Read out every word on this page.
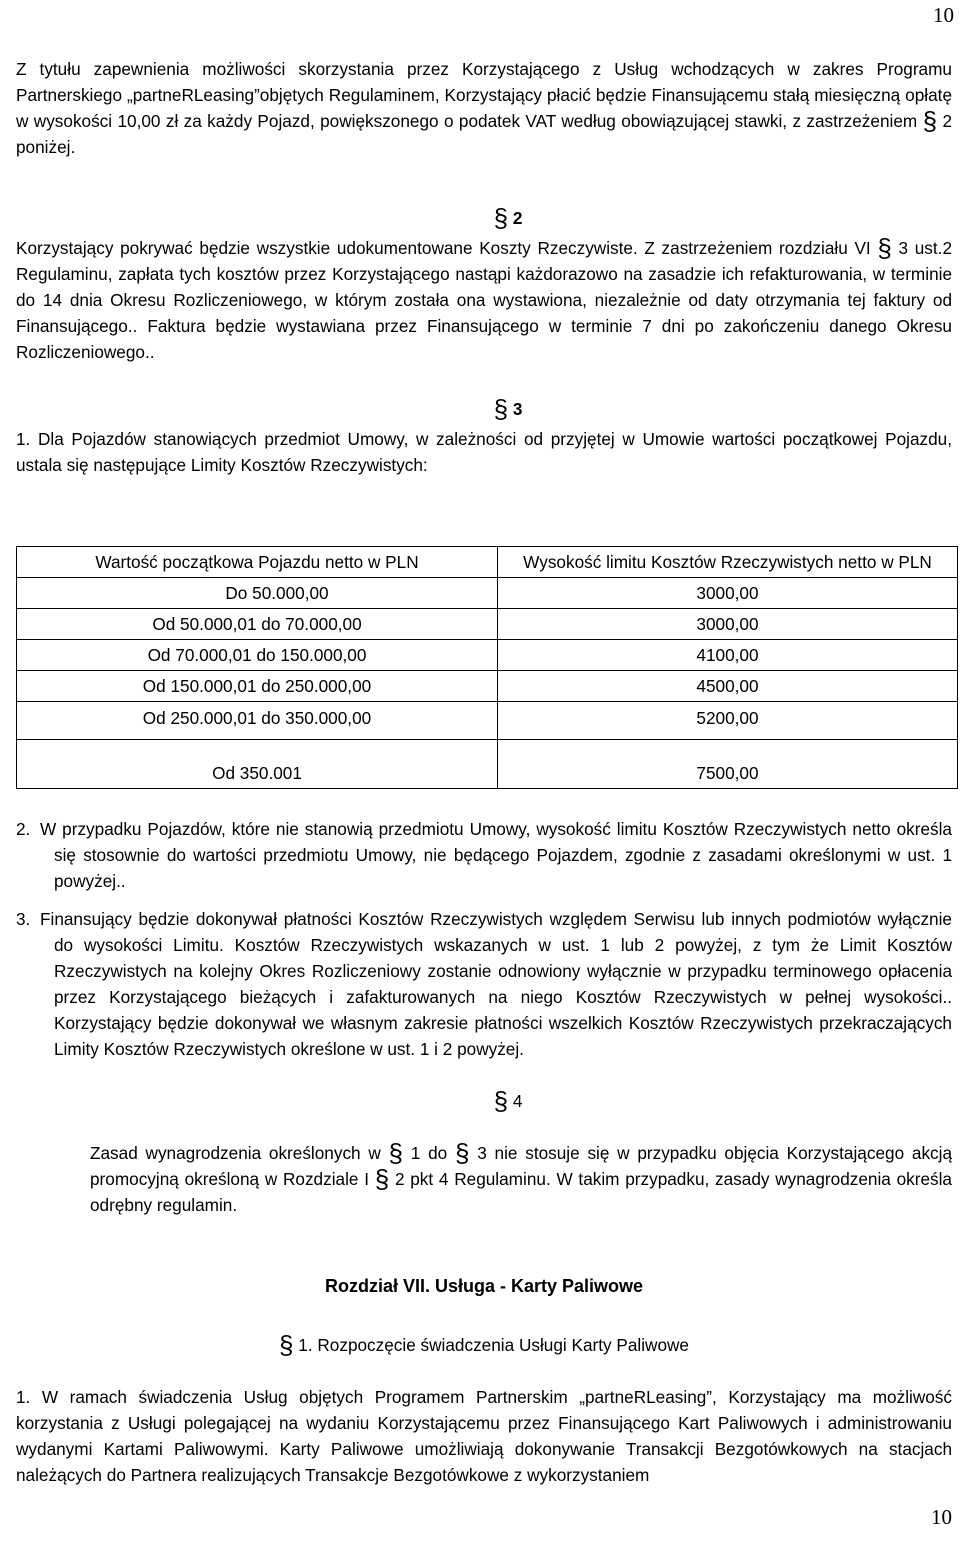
10
Z tytułu zapewnienia możliwości skorzystania przez Korzystającego z Usług wchodzących w zakres Programu Partnerskiego „partneRLeasing”objętych Regulaminem, Korzystający płacić będzie Finansującemu stałą miesięczną opłatę w wysokości 10,00 zł za każdy Pojazd, powiększonego o podatek VAT według obowiązującej stawki, z zastrzeżeniem § 2 poniżej.
§ 2
Korzystający pokrywać będzie wszystkie udokumentowane Koszty Rzeczywiste. Z zastrzeżeniem rozdziału VI § 3 ust.2 Regulaminu, zapłata tych kosztów przez Korzystającego nastąpi każdorazowo na zasadzie ich refakturowania, w terminie do 14 dnia Okresu Rozliczeniowego, w którym została ona wystawiona, niezależnie od daty otrzymania tej faktury od Finansującego.. Faktura będzie wystawiana przez Finansującego w terminie 7 dni po zakończeniu danego Okresu Rozliczeniowego..
§ 3
1. Dla Pojazdów stanowiących przedmiot Umowy, w zależności od przyjętej w Umowie wartości początkowej Pojazdu, ustala się następujące Limity Kosztów Rzeczywistych:
Wartość początkowa Pojazdu netto w PLN	Wysokość limitu Kosztów Rzeczywistych netto w PLN
Do 50.000,00	3000,00
Od 50.000,01 do 70.000,00	3000,00
Od 70.000,01 do 150.000,00	4100,00
Od 150.000,01 do 250.000,00	4500,00
Od 250.000,01 do 350.000,00	5200,00
Od 350.001	7500,00
2. W przypadku Pojazdów, które nie stanowią przedmiotu Umowy, wysokość limitu Kosztów Rzeczywistych netto określa się stosownie do wartości przedmiotu Umowy, nie będącego Pojazdem, zgodnie z zasadami określonymi w ust. 1 powyżej..
3. Finansujący będzie dokonywał płatności Kosztów Rzeczywistych względem Serwisu lub innych podmiotów wyłącznie do wysokości Limitu. Kosztów Rzeczywistych wskazanych w ust. 1 lub 2 powyżej, z tym że Limit Kosztów Rzeczywistych na kolejny Okres Rozliczeniowy zostanie odnowiony wyłącznie w przypadku terminowego opłacenia przez Korzystającego bieżących i zafakturowanych na niego Kosztów Rzeczywistych w pełnej wysokości.. Korzystający będzie dokonywał we własnym zakresie płatności wszelkich Kosztów Rzeczywistych przekraczających Limity Kosztów Rzeczywistych określone w ust. 1 i 2 powyżej.
§ 4
Zasad wynagrodzenia określonych w § 1 do § 3 nie stosuje się w przypadku objęcia Korzystającego akcją promocyjną określoną w Rozdziale I § 2 pkt 4 Regulaminu. W takim przypadku, zasady wynagrodzenia określa odrębny regulamin.
Rozdział VII. Usługa - Karty Paliwowe
§ 1. Rozpoczęcie świadczenia Usługi Karty Paliwowe
1. W ramach świadczenia Usług objętych Programem Partnerskim „partneRLeasing”, Korzystający ma możliwość korzystania z Usługi polegającej na wydaniu Korzystającemu przez Finansującego Kart Paliwowych i administrowaniu wydanymi Kartami Paliwowymi. Karty Paliwowe umożliwiają dokonywanie Transakcji Bezgotówkowych na stacjach należących do Partnera realizujących Transakcje Bezgotówkowe z wykorzystaniem
10
